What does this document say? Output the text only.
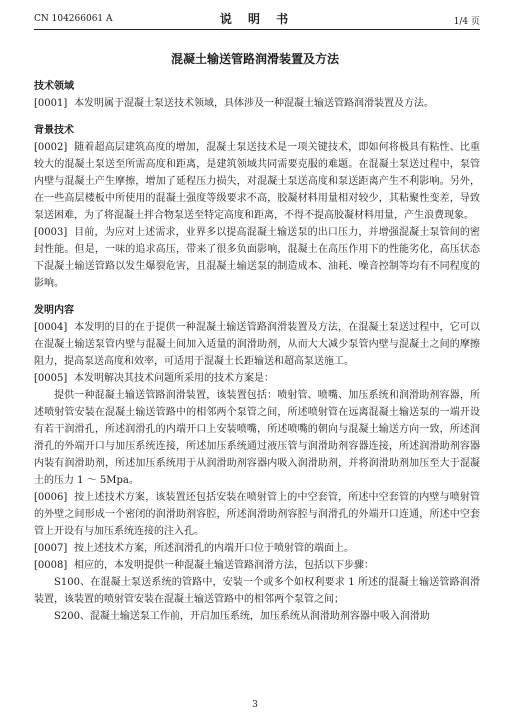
CN 104266061 A	说 明 书	1/4 页
混凝土输送管路润滑装置及方法
技术领域

[0001] 本发明属于混凝土泵送技术领域，具体涉及一种混凝土输送管路润滑装置及方法。

背景技术

[0002] 随着超高层建筑高度的增加，混凝土泵送技术是一项关键技术，即如何将极具有粘性、比重较大的混凝土泵送至所需高度和距离，是建筑领域共同需要克服的难题。在混凝土泵送过程中，泵管内壁与混凝土产生摩擦，增加了延程压力损失，对混凝土泵送高度和泵送距离产生不利影响。另外，在一些高层楼板中所使用的混凝土强度等级要求不高，胶凝材料用量相对较少，其粘聚性变差，导致泵送困难，为了将混凝土拌合物泵送至特定高度和距离，不得不提高胶凝材料用量，产生浪费现象。

[0003] 目前，为应对上述需求，业界多以提高混凝土输送泵的出口压力，并增强混凝土泵管间的密封性能。但是，一味的追求高压，带来了很多负面影响，混凝土在高压作用下的性能劣化，高压状态下混凝土输送管路以发生爆裂危害，且混凝土输送泵的制造成本、油耗、噪音控制等均有不同程度的影响。

发明内容

[0004] 本发明的目的在于提供一种混凝土输送管路润滑装置及方法，在混凝土泵送过程中，它可以在混凝土输送泵管内壁与混凝土间加入适量的润滑助剂，从而大大减少泵管内壁与混凝土之间的摩擦阻力，提高泵送高度和效率，可适用于混凝土长距输送和超高泵送施工。

[0005] 本发明解决其技术问题所采用的技术方案是：

提供一种混凝土输送管路润滑装置，该装置包括：喷射管、喷嘴、加压系统和润滑助剂容器，所述喷射管安装在混凝土输送管路中的相邻两个泵管之间，所述喷射管在远离混凝土输送泵的一端开设有若干润滑孔，所述润滑孔的内端开口上安装喷嘴，所述喷嘴的朝向与混凝土输送方向一致，所述润滑孔的外端开口与加压系统连接，所述加压系统通过液压管与润滑助剂容器连接，所述润滑助剂容器内装有润滑助剂，所述加压系统用于从润滑助剂容器内吸入润滑助剂，并将润滑助剂加压至大于混凝土的压力 1 ～ 5Mpa。

[0006] 按上述技术方案，该装置还包括安装在喷射管上的中空套管，所述中空套管的内壁与喷射管的外壁之间形成一个密闭的润滑助剂容腔，所述润滑助剂容腔与润滑孔的外端开口连通，所述中空套管上开设有与加压系统连接的注入孔。

[0007] 按上述技术方案，所述润滑孔的内端开口位于喷射管的端面上。

[0008] 相应的，本发明提供一种混凝土输送管路润滑方法，包括以下步骤：

S100、在混凝土泵送系统的管路中，安装一个或多个如权利要求 1 所述的混凝土输送管路润滑装置，该装置的喷射管安装在混凝土输送管路中的相邻两个泵管之间；

S200、混凝土输送泵工作前，开启加压系统，加压系统从润滑助剂容器中吸入润滑助

3
